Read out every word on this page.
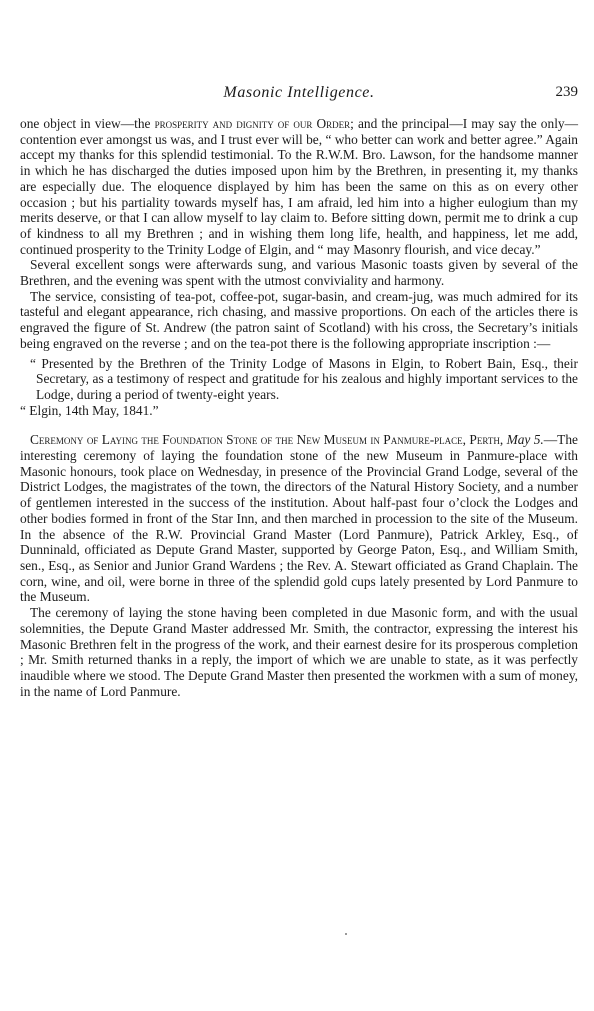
Masonic Intelligence.	239

one object in view—the prosperity and dignity of our Order; and the principal—I may say the only—contention ever amongst us was, and I trust ever will be, “ who better can work and better agree.” Again accept my thanks for this splendid testimonial. To the R.W.M. Bro. Lawson, for the handsome manner in which he has discharged the duties imposed upon him by the Brethren, in presenting it, my thanks are especially due. The eloquence displayed by him has been the same on this as on every other occasion ; but his partiality towards myself has, I am afraid, led him into a higher eulogium than my merits deserve, or that I can allow myself to lay claim to. Before sitting down, permit me to drink a cup of kindness to all my Brethren ; and in wishing them long life, health, and happiness, let me add, continued prosperity to the Trinity Lodge of Elgin, and “ may Masonry flourish, and vice decay.”

Several excellent songs were afterwards sung, and various Masonic toasts given by several of the Brethren, and the evening was spent with the utmost conviviality and harmony.

The service, consisting of tea-pot, coffee-pot, sugar-basin, and cream-jug, was much admired for its tasteful and elegant appearance, rich chasing, and massive proportions. On each of the articles there is engraved the figure of St. Andrew (the patron saint of Scotland) with his cross, the Secretary’s initials being engraved on the reverse ; and on the tea-pot there is the following appropriate inscription :—

“ Presented by the Brethren of the Trinity Lodge of Masons in Elgin, to Robert Bain, Esq., their Secretary, as a testimony of respect and gratitude for his zealous and highly important services to the Lodge, during a period of twenty-eight years.

“ Elgin, 14th May, 1841.”

Ceremony of Laying the Foundation Stone of the New Museum in Panmure-place, Perth, May 5.—The interesting ceremony of laying the foundation stone of the new Museum in Panmure-place with Masonic honours, took place on Wednesday, in presence of the Provincial Grand Lodge, several of the District Lodges, the magistrates of the town, the directors of the Natural History Society, and a number of gentlemen interested in the success of the institution. About half-past four o’clock the Lodges and other bodies formed in front of the Star Inn, and then marched in procession to the site of the Museum. In the absence of the R.W. Provincial Grand Master (Lord Panmure), Patrick Arkley, Esq., of Dunninald, officiated as Depute Grand Master, supported by George Paton, Esq., and William Smith, sen., Esq., as Senior and Junior Grand Wardens ; the Rev. A. Stewart officiated as Grand Chaplain. The corn, wine, and oil, were borne in three of the splendid gold cups lately presented by Lord Panmure to the Museum.

The ceremony of laying the stone having been completed in due Masonic form, and with the usual solemnities, the Depute Grand Master addressed Mr. Smith, the contractor, expressing the interest his Masonic Brethren felt in the progress of the work, and their earnest desire for its prosperous completion ; Mr. Smith returned thanks in a reply, the import of which we are unable to state, as it was perfectly inaudible where we stood. The Depute Grand Master then presented the workmen with a sum of money, in the name of Lord Panmure.
